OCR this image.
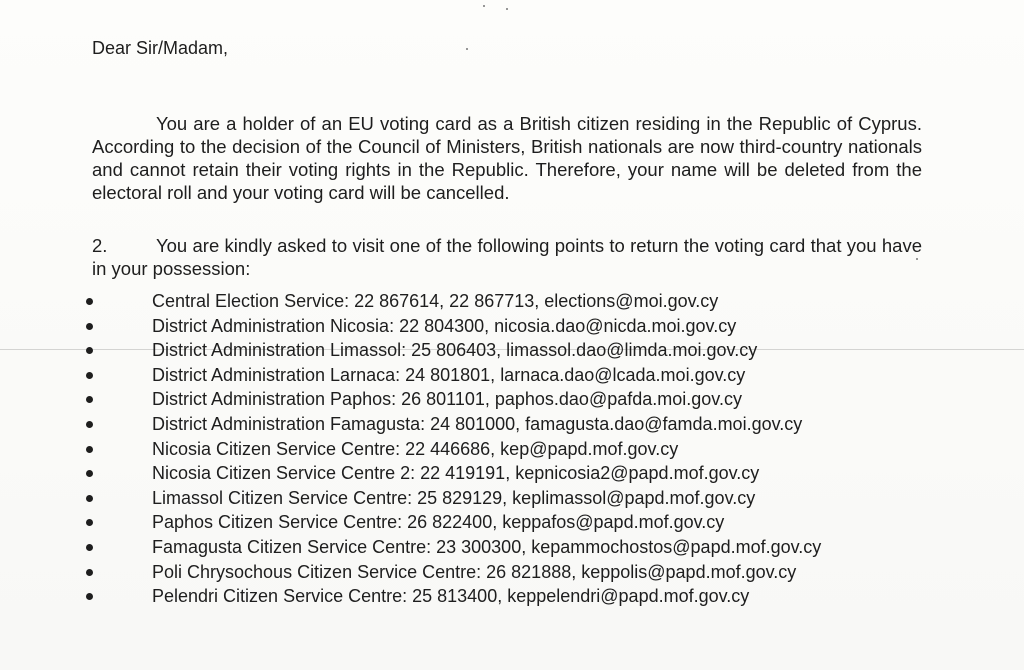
Dear Sir/Madam,

You are a holder of an EU voting card as a British citizen residing in the Republic of Cyprus. According to the decision of the Council of Ministers, British nationals are now third-country nationals and cannot retain their voting rights in the Republic. Therefore, your name will be deleted from the electoral roll and your voting card will be cancelled.

2.	You are kindly asked to visit one of the following points to return the voting card that you have in your possession:

Central Election Service: 22 867614, 22 867713, elections@moi.gov.cy
District Administration Nicosia: 22 804300, nicosia.dao@nicda.moi.gov.cy
District Administration Limassol: 25 806403, limassol.dao@limda.moi.gov.cy
District Administration Larnaca: 24 801801, larnaca.dao@lcada.moi.gov.cy
District Administration Paphos: 26 801101, paphos.dao@pafda.moi.gov.cy
District Administration Famagusta: 24 801000, famagusta.dao@famda.moi.gov.cy
Nicosia Citizen Service Centre: 22 446686, kep@papd.mof.gov.cy
Nicosia Citizen Service Centre 2: 22 419191, kepnicosia2@papd.mof.gov.cy
Limassol Citizen Service Centre: 25 829129, keplimassol@papd.mof.gov.cy
Paphos Citizen Service Centre: 26 822400, keppafos@papd.mof.gov.cy
Famagusta Citizen Service Centre: 23 300300, kepammochostos@papd.mof.gov.cy
Poli Chrysochous Citizen Service Centre: 26 821888, keppolis@papd.mof.gov.cy
Pelendri Citizen Service Centre: 25 813400, keppelendri@papd.mof.gov.cy
